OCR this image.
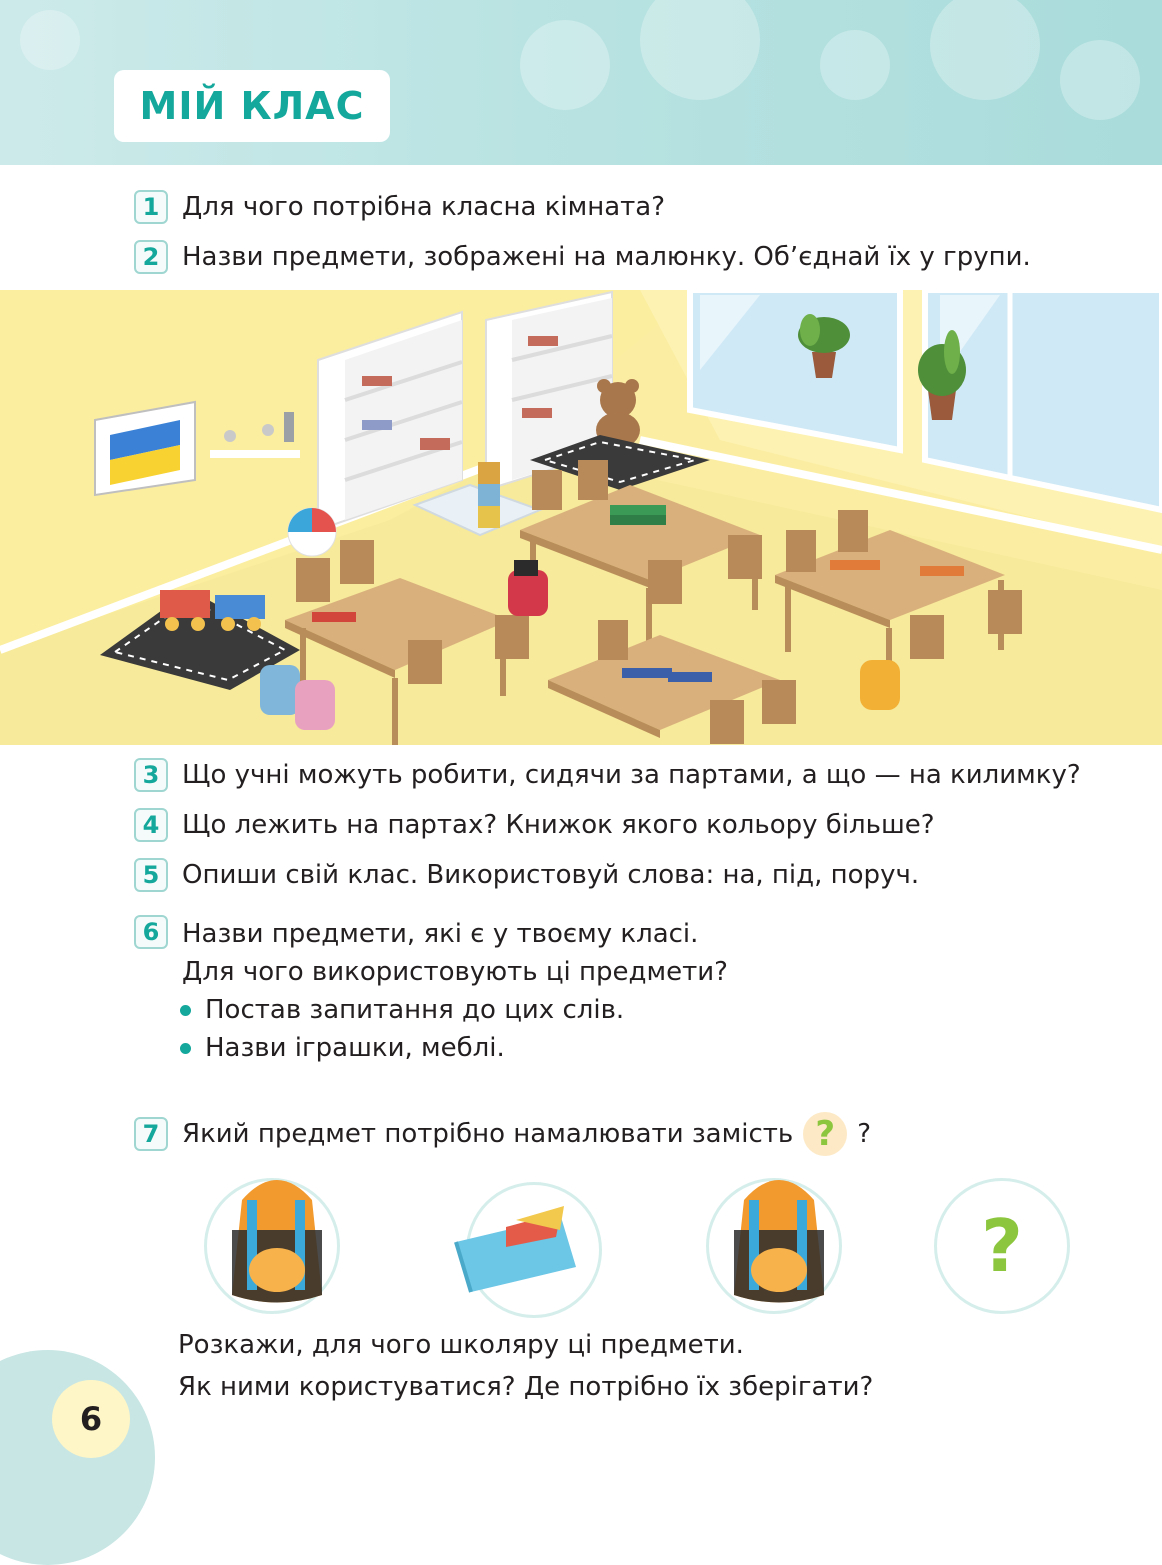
МІЙ КЛАС
1 Для чого потрібна класна кімната?
2 Назви предмети, зображені на малюнку. Об’єднай їх у групи.
3 Що учні можуть робити, сидячи за партами, а що — на килимку?
4 Що лежить на партах? Книжок якого кольору більше?
5 Опиши свій клас. Використовуй слова: на, під, поруч.
6 Назви предмети, які є у твоєму класі.
Для чого використовують ці предмети?
Постав запитання до цих слів.
Назви іграшки, меблі.
7 Який предмет потрібно намалювати замість ? ?
?
Розкажи, для чого школяру ці предмети.
Як ними користуватися? Де потрібно їх зберігати?
6
